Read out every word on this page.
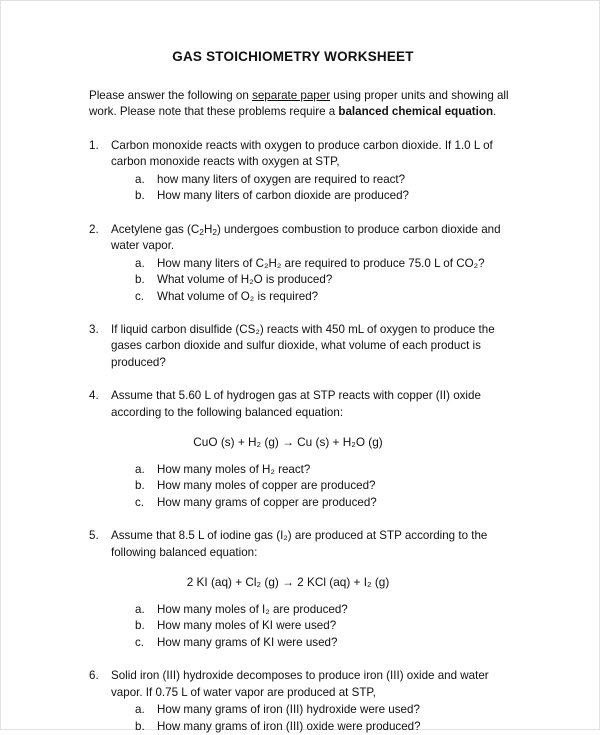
GAS STOICHIOMETRY WORKSHEET

Please answer the following on separate paper using proper units and showing all work. Please note that these problems require a balanced chemical equation.

1. Carbon monoxide reacts with oxygen to produce carbon dioxide. If 1.0 L of carbon monoxide reacts with oxygen at STP,
a. how many liters of oxygen are required to react?
b. How many liters of carbon dioxide are produced?
2. Acetylene gas $(C_2H_2)$ undergoes combustion to produce carbon dioxide and water vapor.
a. How many liters of C₂H₂ are required to produce 75.0 L of CO₂?
b. What volume of H₂O is produced?
c. What volume of O₂ is required?
3. If liquid carbon disulfide (CS₂) reacts with 450 mL of oxygen to produce the gases carbon dioxide and sulfur dioxide, what volume of each product is produced?
4. Assume that 5.60 L of hydrogen gas at STP reacts with copper (II) oxide according to the following balanced equation:
CuO (s) + H₂ (g) → Cu (s) + H₂O (g)
a. How many moles of H₂ react?
b. How many moles of copper are produced?
c. How many grams of copper are produced?
5. Assume that 8.5 L of iodine gas (I₂) are produced at STP according to the following balanced equation:
2 KI (aq) + Cl₂ (g) → 2 KCl (aq) + I₂ (g)
a. How many moles of I₂ are produced?
b. How many moles of KI were used?
c. How many grams of KI were used?
6. Solid iron (III) hydroxide decomposes to produce iron (III) oxide and water vapor. If 0.75 L of water vapor are produced at STP,
a. How many grams of iron (III) hydroxide were used?
b. How many grams of iron (III) oxide were produced?
